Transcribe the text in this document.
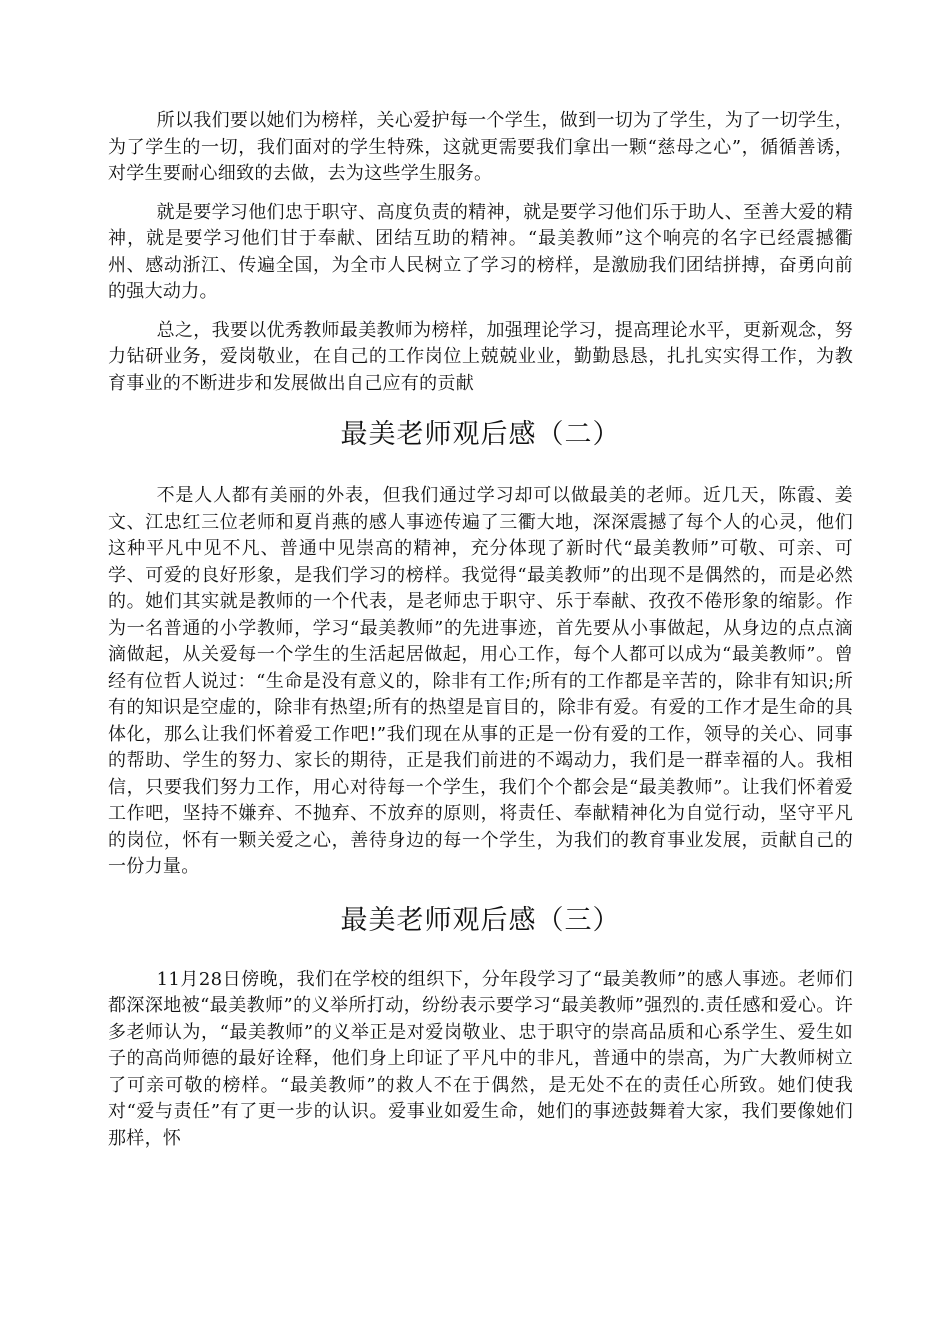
所以我们要以她们为榜样，关心爱护每一个学生，做到一切为了学生，为了一切学生，为了学生的一切，我们面对的学生特殊，这就更需要我们拿出一颗“慈母之心”，循循善诱，对学生要耐心细致的去做，去为这些学生服务。

就是要学习他们忠于职守、高度负责的精神，就是要学习他们乐于助人、至善大爱的精神，就是要学习他们甘于奉献、团结互助的精神。“最美教师”这个响亮的名字已经震撼衢州、感动浙江、传遍全国，为全市人民树立了学习的榜样，是激励我们团结拼搏，奋勇向前的强大动力。

总之，我要以优秀教师最美教师为榜样，加强理论学习，提高理论水平，更新观念，努力钻研业务，爱岗敬业，在自己的工作岗位上兢兢业业，勤勤恳恳，扎扎实实得工作，为教育事业的不断进步和发展做出自己应有的贡献

最美老师观后感（二）

不是人人都有美丽的外表，但我们通过学习却可以做最美的老师。近几天，陈霞、姜文、江忠红三位老师和夏肖燕的感人事迹传遍了三衢大地，深深震撼了每个人的心灵，他们这种平凡中见不凡、普通中见崇高的精神，充分体现了新时代“最美教师”可敬、可亲、可学、可爱的良好形象，是我们学习的榜样。我觉得“最美教师”的出现不是偶然的，而是必然的。她们其实就是教师的一个代表，是老师忠于职守、乐于奉献、孜孜不倦形象的缩影。作为一名普通的小学教师，学习“最美教师”的先进事迹，首先要从小事做起，从身边的点点滴滴做起，从关爱每一个学生的生活起居做起，用心工作，每个人都可以成为“最美教师”。曾经有位哲人说过：“生命是没有意义的，除非有工作;所有的工作都是辛苦的，除非有知识;所有的知识是空虚的，除非有热望;所有的热望是盲目的，除非有爱。有爱的工作才是生命的具体化，那么让我们怀着爱工作吧!”我们现在从事的正是一份有爱的工作，领导的关心、同事的帮助、学生的努力、家长的期待，正是我们前进的不竭动力，我们是一群幸福的人。我相信，只要我们努力工作，用心对待每一个学生，我们个个都会是“最美教师”。让我们怀着爱工作吧，坚持不嫌弃、不抛弃、不放弃的原则，将责任、奉献精神化为自觉行动，坚守平凡的岗位，怀有一颗关爱之心，善待身边的每一个学生，为我们的教育事业发展，贡献自己的一份力量。

最美老师观后感（三）

11月28日傍晚，我们在学校的组织下，分年段学习了“最美教师”的感人事迹。老师们都深深地被“最美教师”的义举所打动，纷纷表示要学习“最美教师”强烈的.责任感和爱心。许多老师认为，“最美教师”的义举正是对爱岗敬业、忠于职守的崇高品质和心系学生、爱生如子的高尚师德的最好诠释，他们身上印证了平凡中的非凡，普通中的崇高，为广大教师树立了可亲可敬的榜样。“最美教师”的救人不在于偶然，是无处不在的责任心所致。她们使我对“爱与责任”有了更一步的认识。爱事业如爱生命，她们的事迹鼓舞着大家，我们要像她们那样，怀
